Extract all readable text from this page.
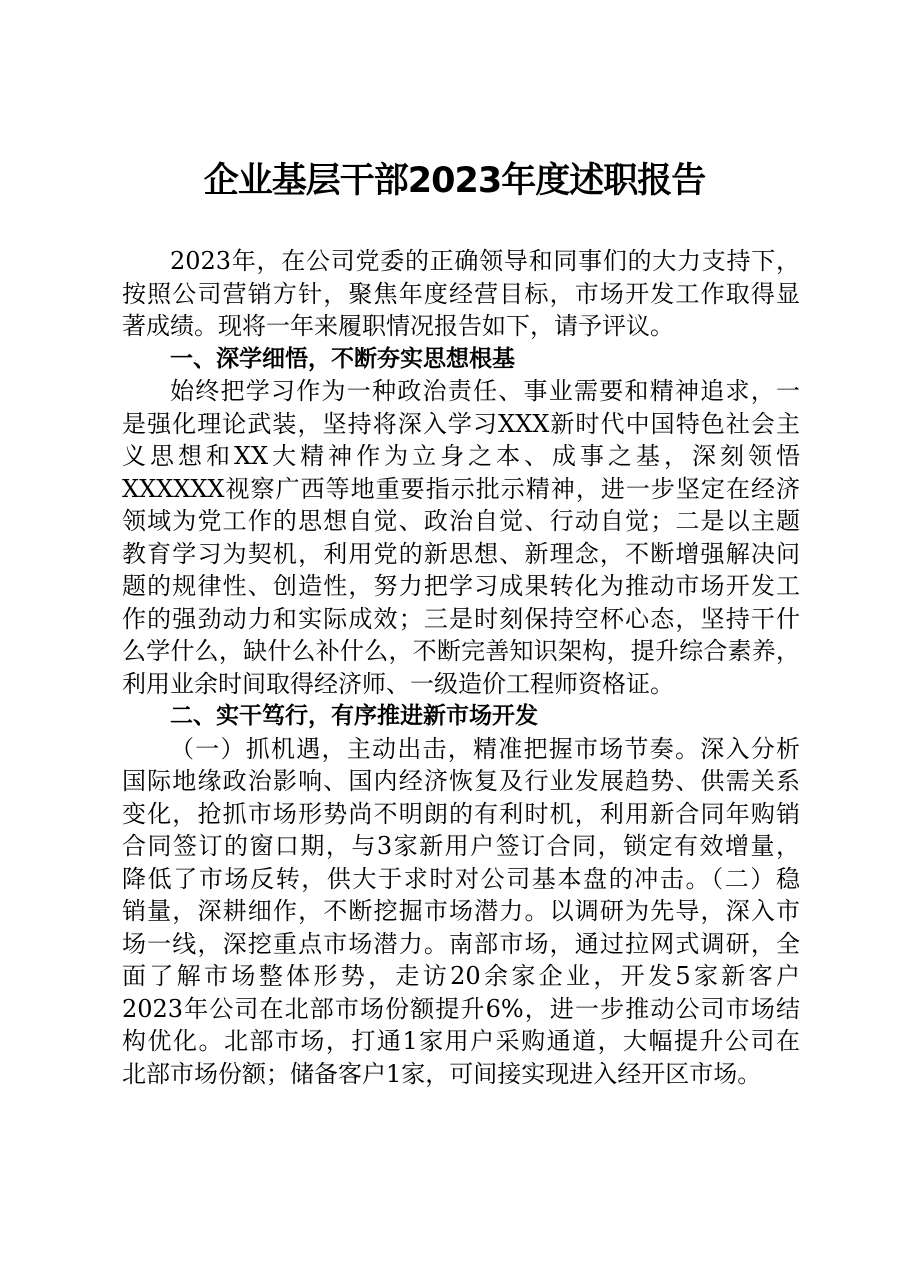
企业基层干部2023年度述职报告
2023年，在公司党委的正确领导和同事们的大力支持下，
按照公司营销方针，聚焦年度经营目标，市场开发工作取得显
著成绩。现将一年来履职情况报告如下，请予评议。
一、深学细悟，不断夯实思想根基
始终把学习作为一种政治责任、事业需要和精神追求，一
是强化理论武装，坚持将深入学习XXX新时代中国特色社会主
义思想和XX大精神作为立身之本、成事之基，深刻领悟
XXXXXX视察广西等地重要指示批示精神，进一步坚定在经济
领域为党工作的思想自觉、政治自觉、行动自觉；二是以主题
教育学习为契机，利用党的新思想、新理念，不断增强解决问
题的规律性、创造性，努力把学习成果转化为推动市场开发工
作的强劲动力和实际成效；三是时刻保持空杯心态，坚持干什
么学什么，缺什么补什么，不断完善知识架构，提升综合素养，
利用业余时间取得经济师、一级造价工程师资格证。
二、实干笃行，有序推进新市场开发
（一）抓机遇，主动出击，精准把握市场节奏。深入分析
国际地缘政治影响、国内经济恢复及行业发展趋势、供需关系
变化，抢抓市场形势尚不明朗的有利时机，利用新合同年购销
合同签订的窗口期，与3家新用户签订合同，锁定有效增量，
降低了市场反转，供大于求时对公司基本盘的冲击。（二）稳
销量，深耕细作，不断挖掘市场潜力。以调研为先导，深入市
场一线，深挖重点市场潜力。南部市场，通过拉网式调研，全
面了解市场整体形势，走访20余家企业，开发5家新客户
2023年公司在北部市场份额提升6%，进一步推动公司市场结
构优化。北部市场，打通1家用户采购通道，大幅提升公司在
北部市场份额；储备客户1家，可间接实现进入经开区市场。
